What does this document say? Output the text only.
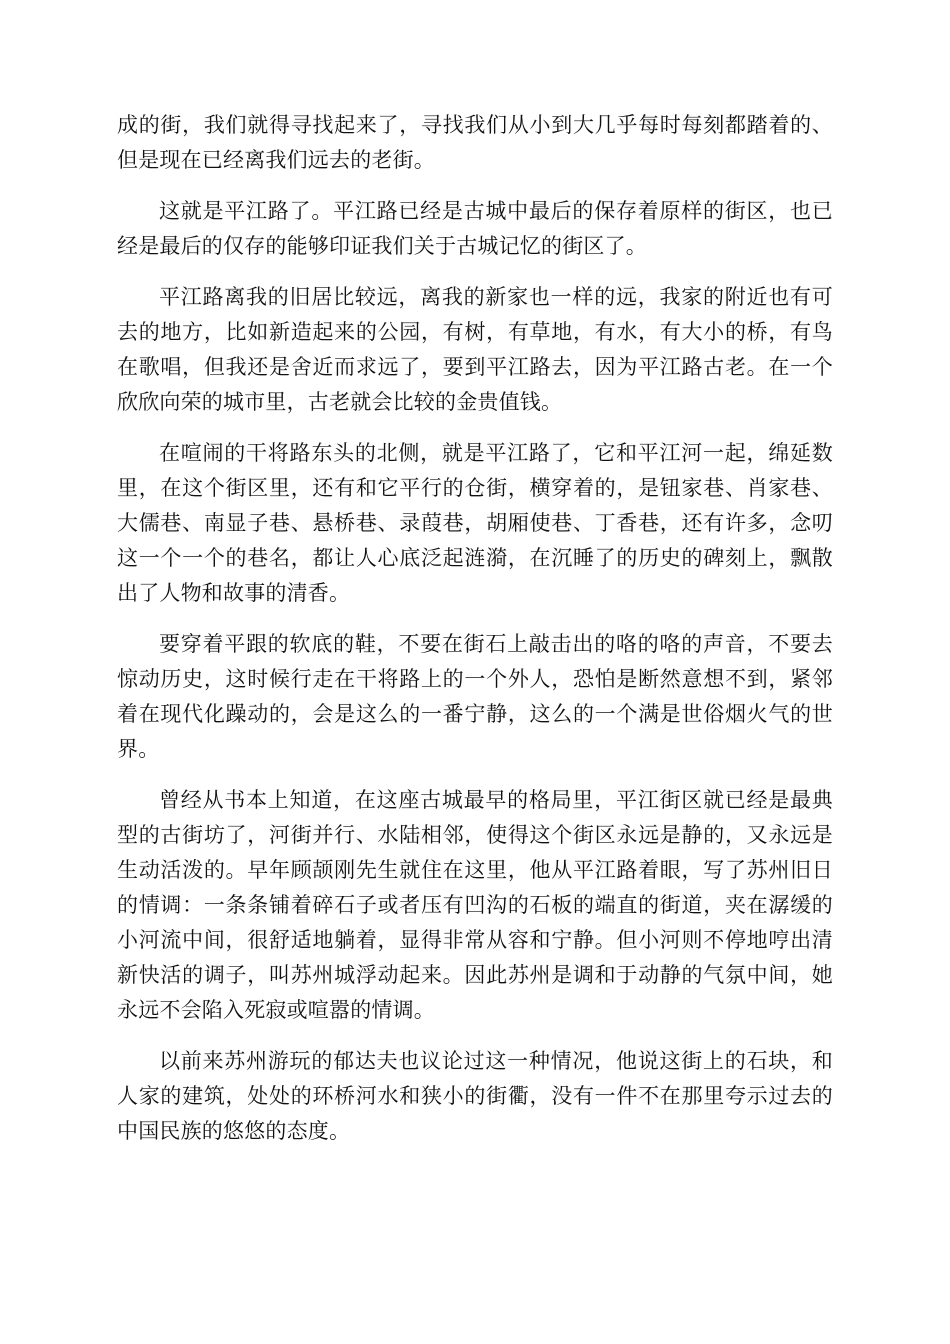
成的街，我们就得寻找起来了，寻找我们从小到大几乎每时每刻都踏着的、但是现在已经离我们远去的老街。

这就是平江路了。平江路已经是古城中最后的保存着原样的街区，也已经是最后的仅存的能够印证我们关于古城记忆的街区了。

平江路离我的旧居比较远，离我的新家也一样的远，我家的附近也有可去的地方，比如新造起来的公园，有树，有草地，有水，有大小的桥，有鸟在歌唱，但我还是舍近而求远了，要到平江路去，因为平江路古老。在一个欣欣向荣的城市里，古老就会比较的金贵值钱。

在喧闹的干将路东头的北侧，就是平江路了，它和平江河一起，绵延数里，在这个街区里，还有和它平行的仓街，横穿着的，是钮家巷、肖家巷、大儒巷、南显子巷、悬桥巷、录葭巷，胡厢使巷、丁香巷，还有许多，念叨这一个一个的巷名，都让人心底泛起涟漪，在沉睡了的历史的碑刻上，飘散出了人物和故事的清香。

要穿着平跟的软底的鞋，不要在街石上敲击出的咯的咯的声音，不要去惊动历史，这时候行走在干将路上的一个外人，恐怕是断然意想不到，紧邻着在现代化躁动的，会是这么的一番宁静，这么的一个满是世俗烟火气的世界。

曾经从书本上知道，在这座古城最早的格局里，平江街区就已经是最典型的古街坊了，河街并行、水陆相邻，使得这个街区永远是静的，又永远是生动活泼的。早年顾颉刚先生就住在这里，他从平江路着眼，写了苏州旧日的情调：一条条铺着碎石子或者压有凹沟的石板的端直的街道，夹在潺缓的小河流中间，很舒适地躺着，显得非常从容和宁静。但小河则不停地哼出清新快活的调子，叫苏州城浮动起来。因此苏州是调和于动静的气氛中间，她永远不会陷入死寂或喧嚣的情调。

以前来苏州游玩的郁达夫也议论过这一种情况，他说这街上的石块，和人家的建筑，处处的环桥河水和狭小的街衢，没有一件不在那里夸示过去的中国民族的悠悠的态度。
